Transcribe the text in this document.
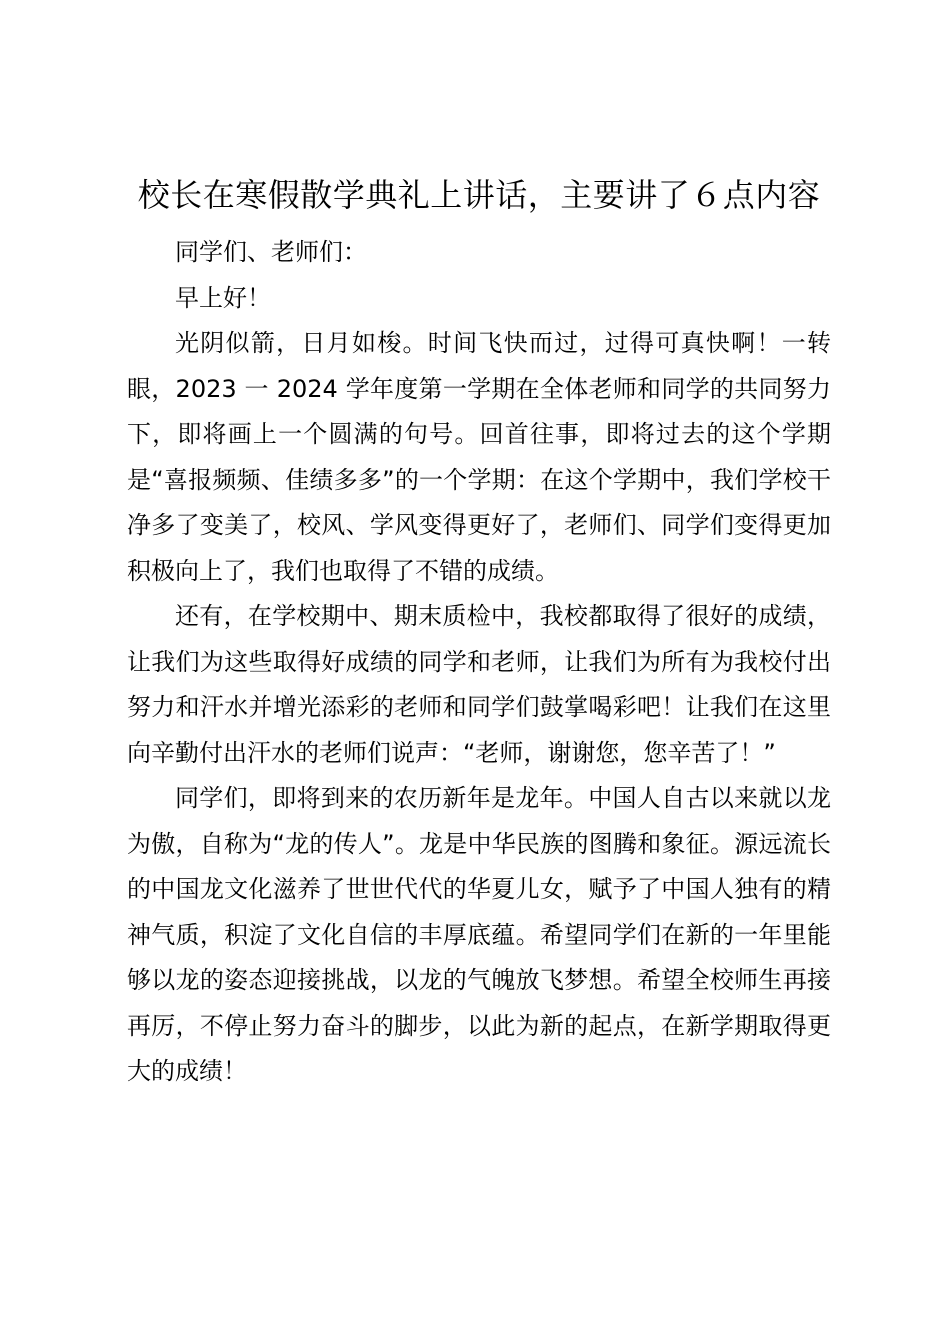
校长在寒假散学典礼上讲话，主要讲了６点内容

同学们、老师们：

早上好！

光阴似箭，日月如梭。时间飞快而过，过得可真快啊！一转眼，2023 一 2024 学年度第一学期在全体老师和同学的共同努力下，即将画上一个圆满的句号。回首往事，即将过去的这个学期是“喜报频频、佳绩多多”的一个学期：在这个学期中，我们学校干净多了变美了，校风、学风变得更好了，老师们、同学们变得更加积极向上了，我们也取得了不错的成绩。

还有，在学校期中、期末质检中，我校都取得了很好的成绩，让我们为这些取得好成绩的同学和老师，让我们为所有为我校付出努力和汗水并增光添彩的老师和同学们鼓掌喝彩吧！让我们在这里向辛勤付出汗水的老师们说声：“老师，谢谢您，您辛苦了！”

同学们，即将到来的农历新年是龙年。中国人自古以来就以龙为傲，自称为“龙的传人”。龙是中华民族的图腾和象征。源远流长的中国龙文化滋养了世世代代的华夏儿女，赋予了中国人独有的精神气质，积淀了文化自信的丰厚底蕴。希望同学们在新的一年里能够以龙的姿态迎接挑战，以龙的气魄放飞梦想。希望全校师生再接再厉，不停止努力奋斗的脚步，以此为新的起点，在新学期取得更大的成绩！
